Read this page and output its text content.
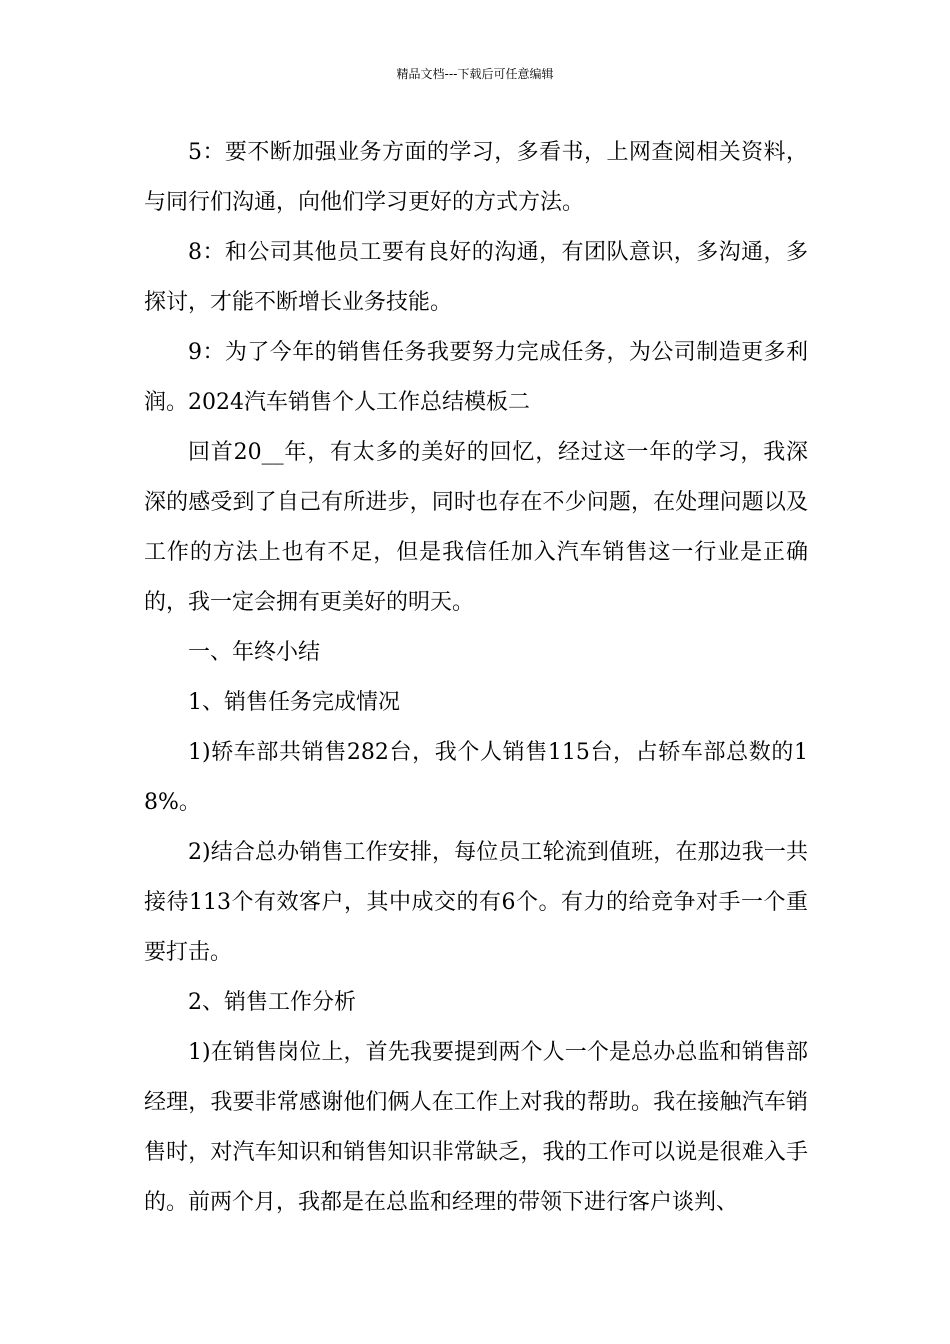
精品文档---下载后可任意编辑

5：要不断加强业务方面的学习，多看书，上网查阅相关资料，与同行们沟通，向他们学习更好的方式方法。

8：和公司其他员工要有良好的沟通，有团队意识，多沟通，多探讨，才能不断增长业务技能。

9：为了今年的销售任务我要努力完成任务，为公司制造更多利润。2024汽车销售个人工作总结模板二

回首20__年，有太多的美好的回忆，经过这一年的学习，我深深的感受到了自己有所进步，同时也存在不少问题，在处理问题以及工作的方法上也有不足，但是我信任加入汽车销售这一行业是正确的，我一定会拥有更美好的明天。

一、年终小结

1、销售任务完成情况

1)轿车部共销售282台，我个人销售115台，占轿车部总数的18%。

2)结合总办销售工作安排，每位员工轮流到值班，在那边我一共接待113个有效客户，其中成交的有6个。有力的给竞争对手一个重要打击。

2、销售工作分析

1)在销售岗位上，首先我要提到两个人一个是总办总监和销售部经理，我要非常感谢他们俩人在工作上对我的帮助。我在接触汽车销售时，对汽车知识和销售知识非常缺乏，我的工作可以说是很难入手的。前两个月，我都是在总监和经理的带领下进行客户谈判、
